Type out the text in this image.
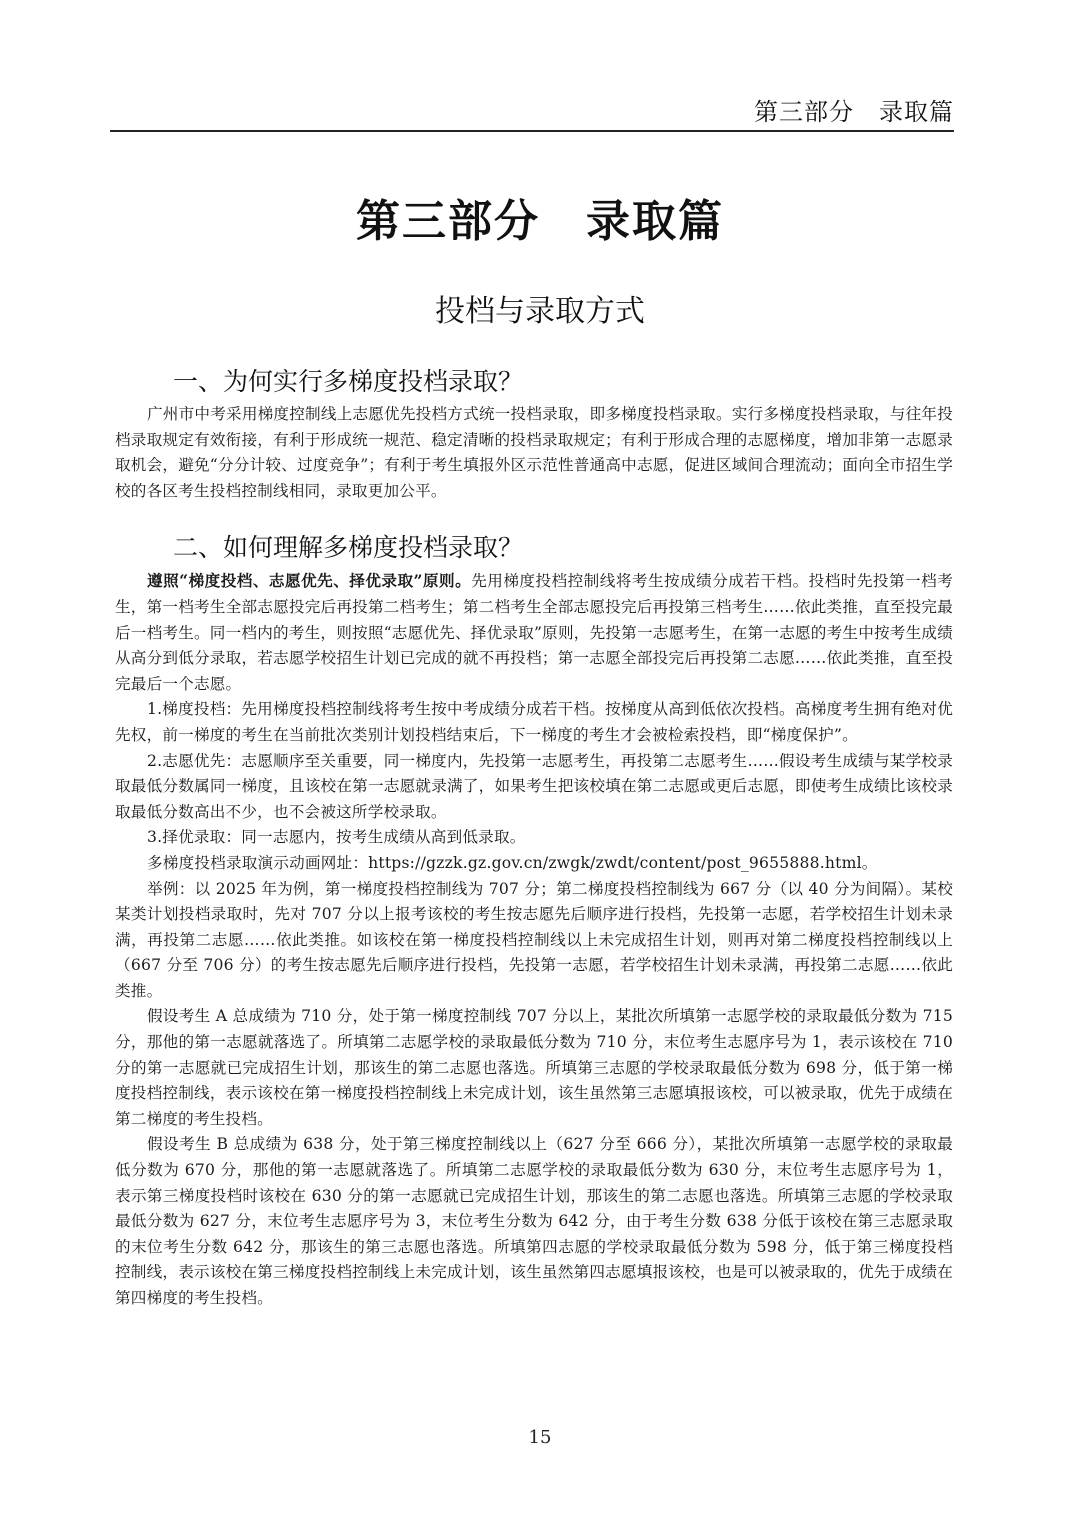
第三部分　录取篇
第三部分　录取篇
投档与录取方式
一、为何实行多梯度投档录取？

广州市中考采用梯度控制线上志愿优先投档方式统一投档录取，即多梯度投档录取。实行多梯度投档录取，与往年投档录取规定有效衔接，有利于形成统一规范、稳定清晰的投档录取规定；有利于形成合理的志愿梯度，增加非第一志愿录取机会，避免“分分计较、过度竞争”；有利于考生填报外区示范性普通高中志愿，促进区域间合理流动；面向全市招生学校的各区考生投档控制线相同，录取更加公平。

二、如何理解多梯度投档录取？

遵照“梯度投档、志愿优先、择优录取”原则。先用梯度投档控制线将考生按成绩分成若干档。投档时先投第一档考生，第一档考生全部志愿投完后再投第二档考生；第二档考生全部志愿投完后再投第三档考生……依此类推，直至投完最后一档考生。同一档内的考生，则按照“志愿优先、择优录取”原则，先投第一志愿考生，在第一志愿的考生中按考生成绩从高分到低分录取，若志愿学校招生计划已完成的就不再投档；第一志愿全部投完后再投第二志愿……依此类推，直至投完最后一个志愿。

1.梯度投档：先用梯度投档控制线将考生按中考成绩分成若干档。按梯度从高到低依次投档。高梯度考生拥有绝对优先权，前一梯度的考生在当前批次类别计划投档结束后，下一梯度的考生才会被检索投档，即“梯度保护”。

2.志愿优先：志愿顺序至关重要，同一梯度内，先投第一志愿考生，再投第二志愿考生……假设考生成绩与某学校录取最低分数属同一梯度，且该校在第一志愿就录满了，如果考生把该校填在第二志愿或更后志愿，即使考生成绩比该校录取最低分数高出不少，也不会被这所学校录取。

3.择优录取：同一志愿内，按考生成绩从高到低录取。

多梯度投档录取演示动画网址：https://gzzk.gz.gov.cn/zwgk/zwdt/content/post_9655888.html。

举例：以 2025 年为例，第一梯度投档控制线为 707 分；第二梯度投档控制线为 667 分（以 40 分为间隔）。某校某类计划投档录取时，先对 707 分以上报考该校的考生按志愿先后顺序进行投档，先投第一志愿，若学校招生计划未录满，再投第二志愿……依此类推。如该校在第一梯度投档控制线以上未完成招生计划，则再对第二梯度投档控制线以上（667 分至 706 分）的考生按志愿先后顺序进行投档，先投第一志愿，若学校招生计划未录满，再投第二志愿……依此类推。

假设考生 A 总成绩为 710 分，处于第一梯度控制线 707 分以上，某批次所填第一志愿学校的录取最低分数为 715 分，那他的第一志愿就落选了。所填第二志愿学校的录取最低分数为 710 分，末位考生志愿序号为 1，表示该校在 710 分的第一志愿就已完成招生计划，那该生的第二志愿也落选。所填第三志愿的学校录取最低分数为 698 分，低于第一梯度投档控制线，表示该校在第一梯度投档控制线上未完成计划，该生虽然第三志愿填报该校，可以被录取，优先于成绩在第二梯度的考生投档。

假设考生 B 总成绩为 638 分，处于第三梯度控制线以上（627 分至 666 分），某批次所填第一志愿学校的录取最低分数为 670 分，那他的第一志愿就落选了。所填第二志愿学校的录取最低分数为 630 分，末位考生志愿序号为 1，表示第三梯度投档时该校在 630 分的第一志愿就已完成招生计划，那该生的第二志愿也落选。所填第三志愿的学校录取最低分数为 627 分，末位考生志愿序号为 3，末位考生分数为 642 分，由于考生分数 638 分低于该校在第三志愿录取的末位考生分数 642 分，那该生的第三志愿也落选。所填第四志愿的学校录取最低分数为 598 分，低于第三梯度投档控制线，表示该校在第三梯度投档控制线上未完成计划，该生虽然第四志愿填报该校，也是可以被录取的，优先于成绩在第四梯度的考生投档。

15
